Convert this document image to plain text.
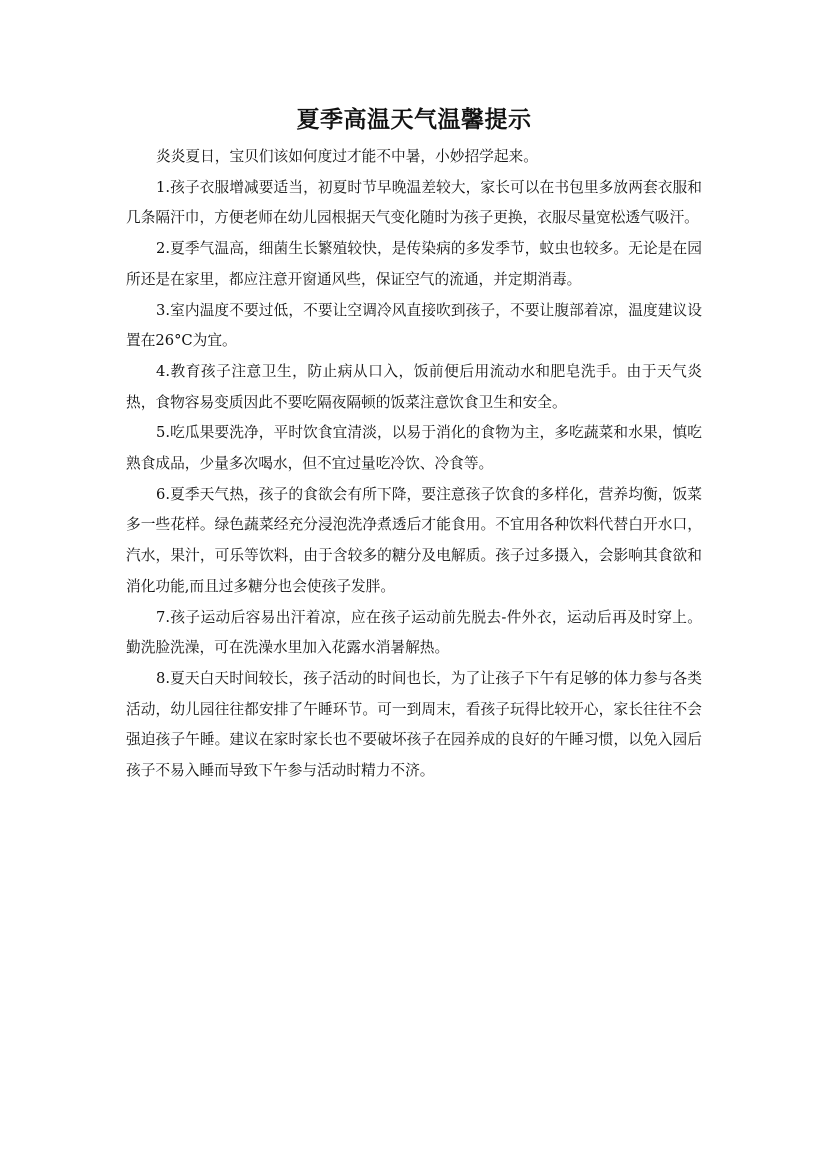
夏季高温天气温馨提示

炎炎夏日，宝贝们该如何度过才能不中暑，小妙招学起来。

1.孩子衣服增减要适当，初夏时节早晚温差较大，家长可以在书包里多放两套衣服和几条隔汗巾，方便老师在幼儿园根据天气变化随时为孩子更换，衣服尽量宽松透气吸汗。

2.夏季气温高，细菌生长繁殖较快，是传染病的多发季节，蚊虫也较多。无论是在园所还是在家里，都应注意开窗通风些，保证空气的流通，并定期消毒。

3.室内温度不要过低，不要让空调冷风直接吹到孩子，不要让腹部着凉，温度建议设置在26°C为宜。

4.教育孩子注意卫生，防止病从口入，饭前便后用流动水和肥皂洗手。由于天气炎热，食物容易变质因此不要吃隔夜隔顿的饭菜注意饮食卫生和安全。

5.吃瓜果要洗净，平时饮食宜清淡，以易于消化的食物为主，多吃蔬菜和水果，慎吃熟食成品，少量多次喝水，但不宜过量吃冷饮、冷食等。

6.夏季天气热，孩子的食欲会有所下降，要注意孩子饮食的多样化，营养均衡，饭菜多一些花样。绿色蔬菜经充分浸泡洗净煮透后才能食用。不宜用各种饮料代替白开水口，汽水，果汁，可乐等饮料，由于含较多的糖分及电解质。孩子过多摄入，会影响其食欲和消化功能,而且过多糖分也会使孩子发胖。

7.孩子运动后容易出汗着凉，应在孩子运动前先脱去-件外衣，运动后再及时穿上。勤洗脸洗澡，可在洗澡水里加入花露水消暑解热。

8.夏天白天时间较长，孩子活动的时间也长，为了让孩子下午有足够的体力参与各类活动，幼儿园往往都安排了午睡环节。可一到周末，看孩子玩得比较开心，家长往往不会强迫孩子午睡。建议在家时家长也不要破坏孩子在园养成的良好的午睡习惯，以免入园后孩子不易入睡而导致下午参与活动时精力不济。
